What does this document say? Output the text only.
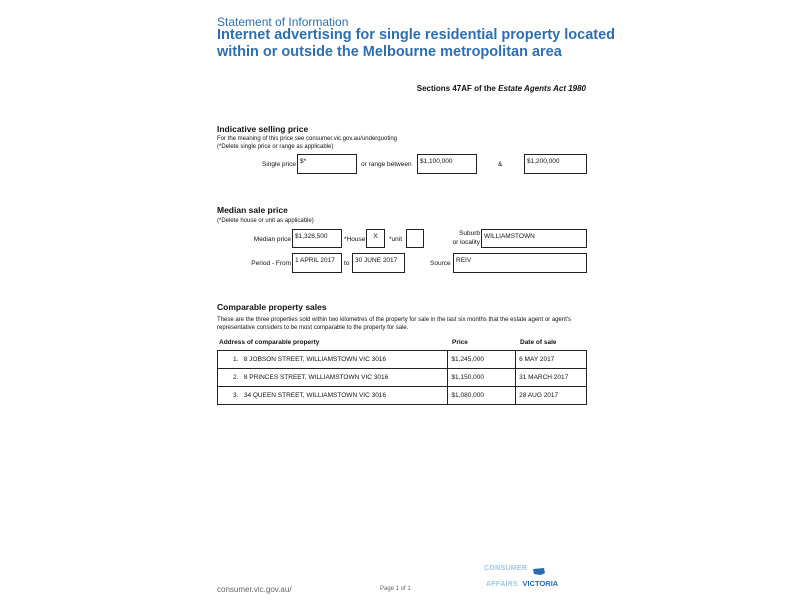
Statement of Information
Internet advertising for single residential property located within or outside the Melbourne metropolitan area
Sections 47AF of the Estate Agents Act 1980
Indicative selling price
For the meaning of this price see consumer.vic.gov.au/underquoting
(*Delete single price or range as applicable)
Single price $*	or range between	$1,100,000	&	$1,200,000
Median sale price
(*Delete house or unit as applicable)
Median price $1,328,500	*House	X	*unit
Suburb
or locality
WILLIAMSTOWN
Period - From 1 APRIL 2017	to 30 JUNE 2017	Source REIV
Comparable property sales
These are the three properties sold within two kilometres of the property for sale in the last six months that the estate agent or agent's representative considers to be most comparable to the property for sale.
Address of comparable property	Price	Date of sale
1. 8 JOBSON STREET, WILLIAMSTOWN VIC 3016	$1,245,000	6 MAY 2017
2. 8 PRINCES STREET, WILLIAMSTOWN VIC 3016	$1,150,000	31 MARCH 2017
3. 34 QUEEN STREET, WILLIAMSTOWN VIC 3016	$1,080,000	28 AUG 2017
CONSUMER
AFFAIRS VICTORIA
consumer.vic.gov.au/	Page 1 of 1
